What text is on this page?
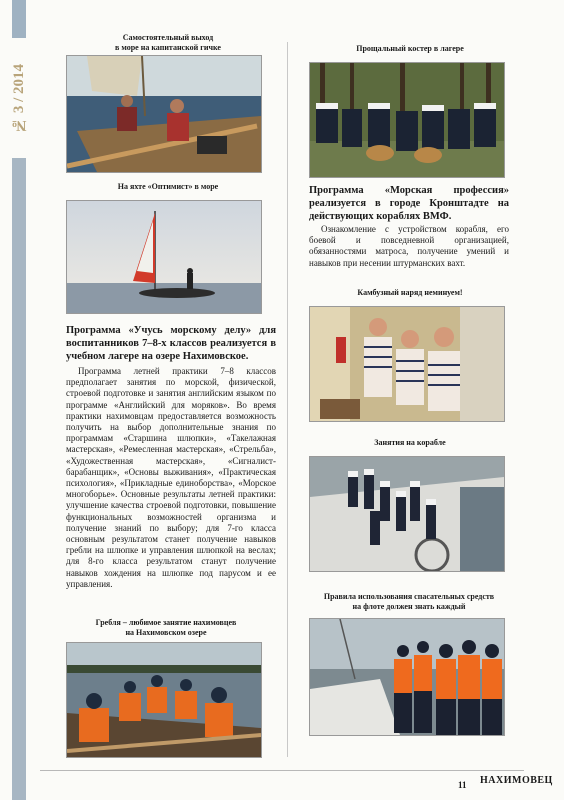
№ 3 / 2014
Самостоятельный выход
в море на капитанской гичке
На яхте «Оптимист» в море
Программа «Учусь морскому делу» для воспитанников 7–8-х классов реализуется в учебном лагере на озере Нахимовское.
Программа летней практики 7–8 классов предполагает занятия по морской, физической, строевой подготовке и занятия английским языком по программе «Английский для моряков». Во время практики нахимовцам предоставляется возможность получить на выбор дополнительные знания по программам «Старшина шлюпки», «Такелажная мастерская», «Ремесленная мастерская», «Стрельба», «Художественная мастерская», «Сигналист-барабанщик», «Основы выживания», «Практическая психология», «Прикладные единоборства», «Морское многоборье». Основные результаты летней практики: улучшение качества строевой подготовки, повышение функциональных возможностей организма и получение знаний по выбору; для 7-го класса основным результатом станет получение навыков гребли на шлюпке и управления шлюпкой на веслах; для 8-го класса результатом станут получение навыков хождения на шлюпке под парусом и ее управления.
Гребля – любимое занятие нахимовцев
на Нахимовском озере
Прощальный костер в лагере
Программа «Морская профессия» реализуется в городе Кронштадте на действующих кораблях ВМФ.
Ознакомление с устройством корабля, его боевой и повседневной организацией, обязанностями матроса, получение умений и навыков при несении штурманских вахт.
Камбузный наряд неминуем!
Занятия на корабле
Правила использования спасательных средств
на флоте должен знать каждый
11 НАХИМОВЕЦ
